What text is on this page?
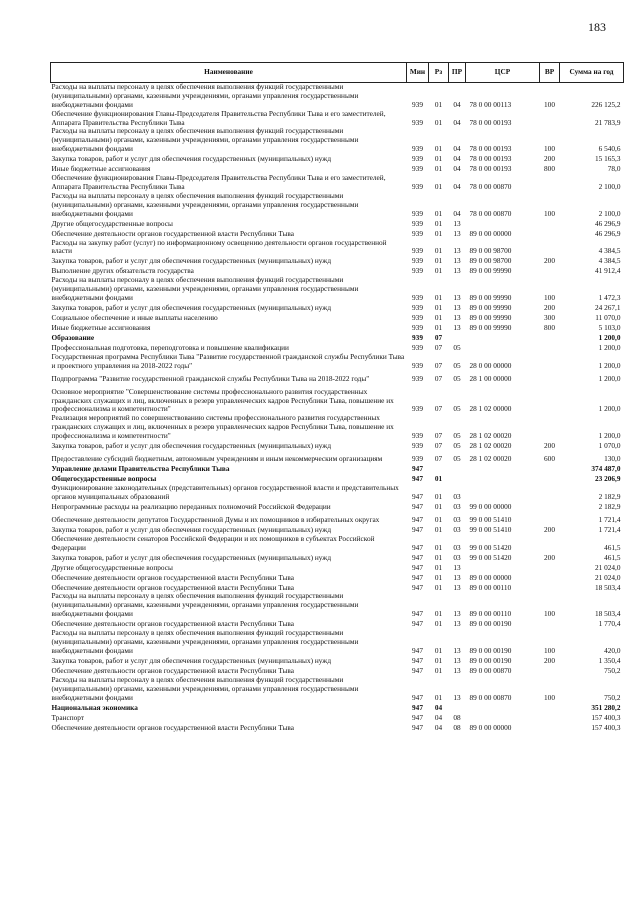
183
Наименование	Мин	Рз	ПР	ЦСР	ВР	Сумма на год
Расходы на выплаты персоналу в целях обеспечения выполнения функций государственными (муниципальными) органами, казенными учреждениями, органами управления государственными внебюджетными фондами	939	01	04	78 0 00 00113	100	226 125,2
Обеспечение функционирования Главы-Председателя Правительства Республики Тыва и его заместителей, Аппарата Правительства Республики Тыва	939	01	04	78 0 00 00193		21 783,9
Расходы на выплаты персоналу в целях обеспечения выполнения функций государственными (муниципальными) органами, казенными учреждениями, органами управления государственными внебюджетными фондами	939	01	04	78 0 00 00193	100	6 540,6
Закупка товаров, работ и услуг для обеспечения государственных (муниципальных) нужд	939	01	04	78 0 00 00193	200	15 165,3
Иные бюджетные ассигнования	939	01	04	78 0 00 00193	800	78,0
Обеспечение функционирования Главы-Председателя Правительства Республики Тыва и его заместителей, Аппарата Правительства Республики Тыва	939	01	04	78 0 00 00870		2 100,0
Расходы на выплаты персоналу в целях обеспечения выполнения функций государственными (муниципальными) органами, казенными учреждениями, органами управления государственными внебюджетными фондами	939	01	04	78 0 00 00870	100	2 100,0
Другие общегосударственные вопросы	939	01	13			46 296,9
Обеспечение деятельности органов государственной власти Республики Тыва	939	01	13	89 0 00 00000		46 296,9
Расходы на закупку работ (услуг) по информационному освещению деятельности органов государственной власти	939	01	13	89 0 00 98700		4 384,5
Закупка товаров, работ и услуг для обеспечения государственных (муниципальных) нужд	939	01	13	89 0 00 98700	200	4 384,5
Выполнение других обязательств государства	939	01	13	89 0 00 99990		41 912,4
Расходы на выплаты персоналу в целях обеспечения выполнения функций государственными (муниципальными) органами, казенными учреждениями, органами управления государственными внебюджетными фондами	939	01	13	89 0 00 99990	100	1 472,3
Закупка товаров, работ и услуг для обеспечения государственных (муниципальных) нужд	939	01	13	89 0 00 99990	200	24 267,1
Социальное обеспечение и иные выплаты населению	939	01	13	89 0 00 99990	300	11 070,0
Иные бюджетные ассигнования	939	01	13	89 0 00 99990	800	5 103,0
Образование	939	07				1 200,0
Профессиональная подготовка, переподготовка и повышение квалификации	939	07	05			1 200,0
Государственная программа Республики Тыва "Развитие государственной гражданской службы Республики Тыва и проектного управления на 2018-2022 годы"	939	07	05	28 0 00 00000		1 200,0
Подпрограмма "Развитие государственной гражданской службы Республики Тыва на 2018-2022 годы"	939	07	05	28 1 00 00000		1 200,0
Основное мероприятие "Совершенствование системы профессионального развития государственных гражданских служащих и лиц, включенных в резерв управленческих кадров Республики Тыва, повышение их профессионализма и компетентности"	939	07	05	28 1 02 00000		1 200,0
Реализация мероприятий по совершенствованию системы профессионального развития государственных гражданских служащих и лиц, включенных в резерв управленческих кадров Республики Тыва, повышение их профессионализма и компетентности"	939	07	05	28 1 02 00020		1 200,0
Закупка товаров, работ и услуг для обеспечения государственных (муниципальных) нужд	939	07	05	28 1 02 00020	200	1 070,0
Предоставление субсидий бюджетным, автономным учреждениям и иным некоммерческим организациям	939	07	05	28 1 02 00020	600	130,0
Управление делами Правительства Республики Тыва	947					374 487,0
Общегосударственные вопросы	947	01				23 206,9
Функционирование законодательных (представительных) органов государственной власти и представительных органов муниципальных образований	947	01	03			2 182,9
Непрограммные расходы на реализацию переданных полномочий Российской Федерации	947	01	03	99 0 00 00000		2 182,9
Обеспечение деятельности депутатов Государственной Думы и их помощников в избирательных округах	947	01	03	99 0 00 51410		1 721,4
Закупка товаров, работ и услуг для обеспечения государственных (муниципальных) нужд	947	01	03	99 0 00 51410	200	1 721,4
Обеспечение деятельности сенаторов Российской Федерации и их помощников в субъектах Российской Федерации	947	01	03	99 0 00 51420		461,5
Закупка товаров, работ и услуг для обеспечения государственных (муниципальных) нужд	947	01	03	99 0 00 51420	200	461,5
Другие общегосударственные вопросы	947	01	13			21 024,0
Обеспечение деятельности органов государственной власти Республики Тыва	947	01	13	89 0 00 00000		21 024,0
Обеспечение деятельности органов государственной власти Республики Тыва	947	01	13	89 0 00 00110		18 503,4
Расходы на выплаты персоналу в целях обеспечения выполнения функций государственными (муниципальными) органами, казенными учреждениями, органами управления государственными внебюджетными фондами	947	01	13	89 0 00 00110	100	18 503,4
Обеспечение деятельности органов государственной власти Республики Тыва	947	01	13	89 0 00 00190		1 770,4
Расходы на выплаты персоналу в целях обеспечения выполнения функций государственными (муниципальными) органами, казенными учреждениями, органами управления государственными внебюджетными фондами	947	01	13	89 0 00 00190	100	420,0
Закупка товаров, работ и услуг для обеспечения государственных (муниципальных) нужд	947	01	13	89 0 00 00190	200	1 350,4
Обеспечение деятельности органов государственной власти Республики Тыва	947	01	13	89 0 00 00870		750,2
Расходы на выплаты персоналу в целях обеспечения выполнения функций государственными (муниципальными) органами, казенными учреждениями, органами управления государственными внебюджетными фондами	947	01	13	89 0 00 00870	100	750,2
Национальная экономика	947	04				351 280,2
Транспорт	947	04	08			157 400,3
Обеспечение деятельности органов государственной власти Республики Тыва	947	04	08	89 0 00 00000		157 400,3
